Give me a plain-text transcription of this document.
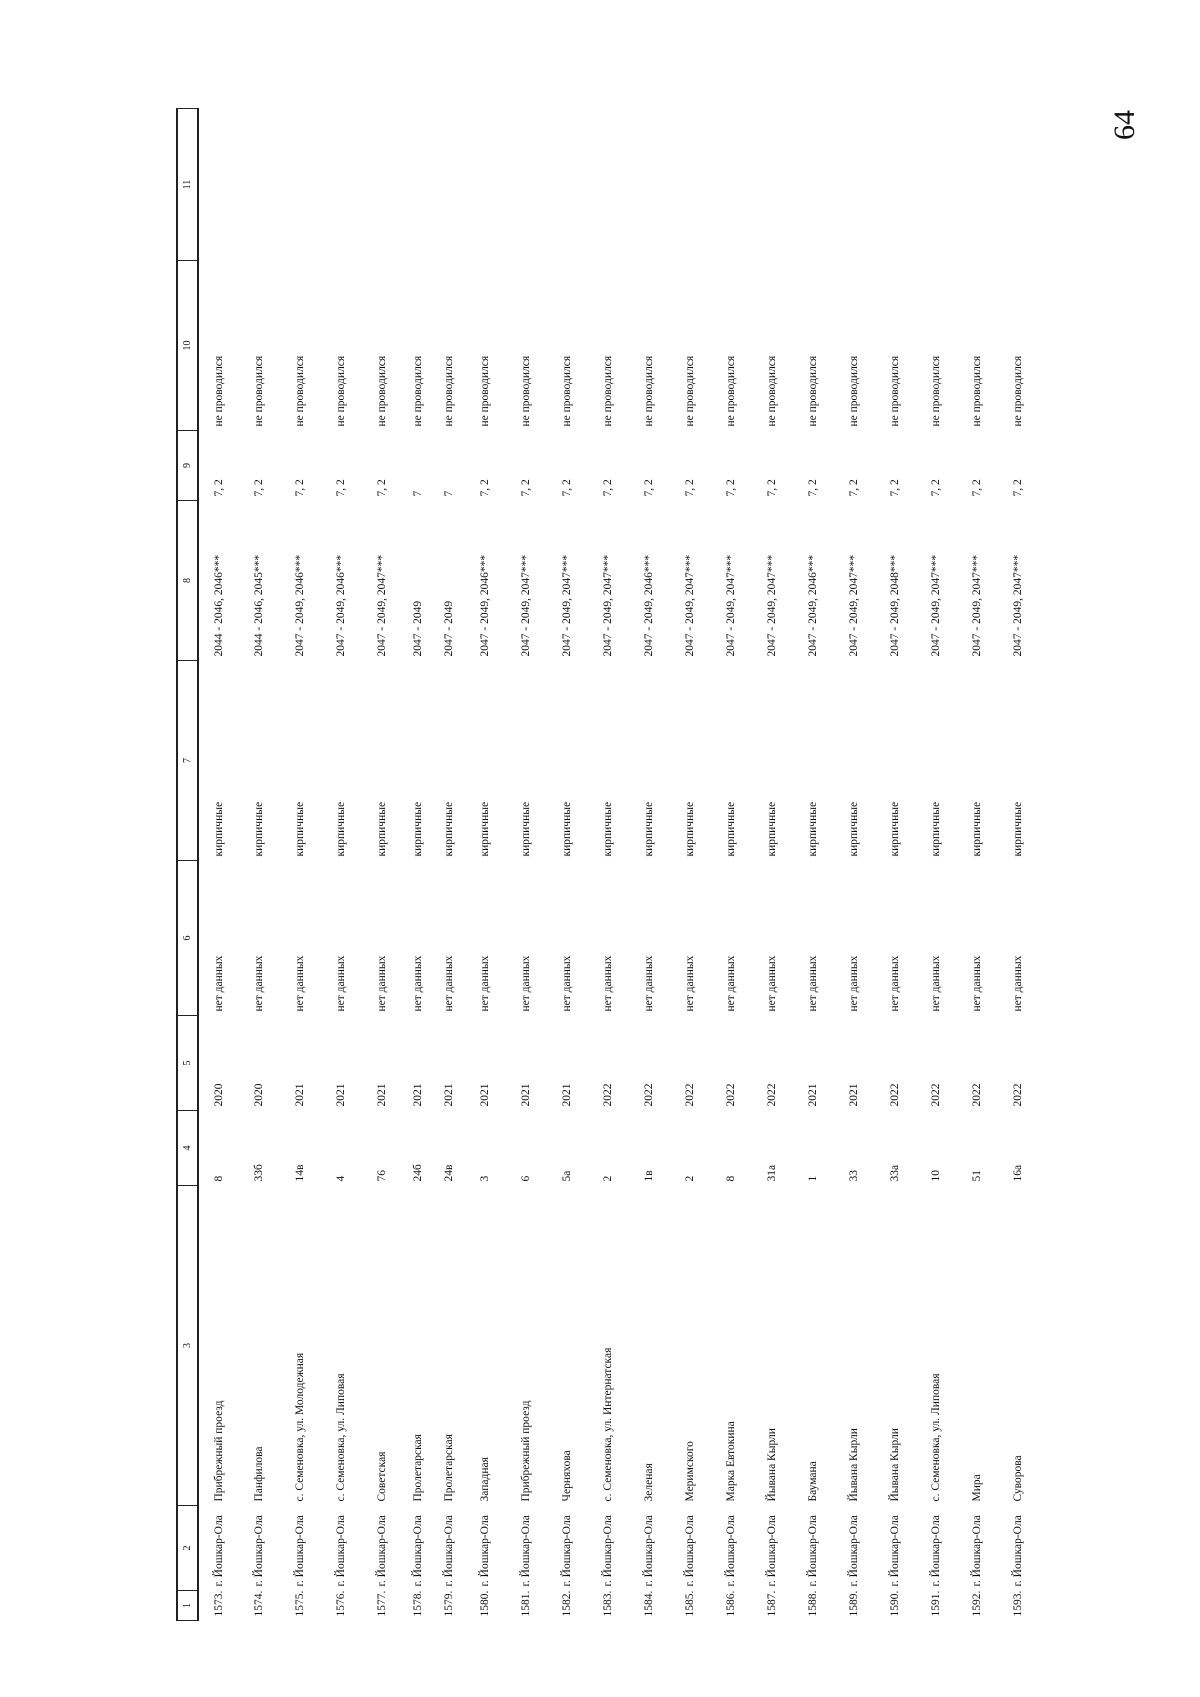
64
1	2	3	4	5	6	7	8	9	10	11
1573.	г. Йошкар-Ола	Прибрежный проезд	8	2020	нет данных	кирпичные	2044 - 2046, 2046***	7, 2	не проводился	
1574.	г. Йошкар-Ола	Панфилова	33б	2020	нет данных	кирпичные	2044 - 2046, 2045***	7, 2	не проводился	
1575.	г. Йошкар-Ола	с. Семеновка, ул. Молодежная	14в	2021	нет данных	кирпичные	2047 - 2049, 2046***	7, 2	не проводился	
1576.	г. Йошкар-Ола	с. Семеновка, ул. Липовая	4	2021	нет данных	кирпичные	2047 - 2049, 2046***	7, 2	не проводился	
1577.	г. Йошкар-Ола	Советская	76	2021	нет данных	кирпичные	2047 - 2049, 2047***	7, 2	не проводился	
1578.	г. Йошкар-Ола	Пролетарская	24б	2021	нет данных	кирпичные	2047 - 2049	7	не проводился	
1579.	г. Йошкар-Ола	Пролетарская	24в	2021	нет данных	кирпичные	2047 - 2049	7	не проводился	
1580.	г. Йошкар-Ола	Западная	3	2021	нет данных	кирпичные	2047 - 2049, 2046***	7, 2	не проводился	
1581.	г. Йошкар-Ола	Прибрежный проезд	6	2021	нет данных	кирпичные	2047 - 2049, 2047***	7, 2	не проводился	
1582.	г. Йошкар-Ола	Черняхова	5а	2021	нет данных	кирпичные	2047 - 2049, 2047***	7, 2	не проводился	
1583.	г. Йошкар-Ола	с. Семеновка, ул. Интернатская	2	2022	нет данных	кирпичные	2047 - 2049, 2047***	7, 2	не проводился	
1584.	г. Йошкар-Ола	Зеленая	1в	2022	нет данных	кирпичные	2047 - 2049, 2046***	7, 2	не проводился	
1585.	г. Йошкар-Ола	Меримского	2	2022	нет данных	кирпичные	2047 - 2049, 2047***	7, 2	не проводился	
1586.	г. Йошкар-Ола	Марка Евтокина	8	2022	нет данных	кирпичные	2047 - 2049, 2047***	7, 2	не проводился	
1587.	г. Йошкар-Ола	Йывана Кырли	31а	2022	нет данных	кирпичные	2047 - 2049, 2047***	7, 2	не проводился	
1588.	г. Йошкар-Ола	Баумана	1	2021	нет данных	кирпичные	2047 - 2049, 2046***	7, 2	не проводился	
1589.	г. Йошкар-Ола	Йывана Кырли	33	2021	нет данных	кирпичные	2047 - 2049, 2047***	7, 2	не проводился	
1590.	г. Йошкар-Ола	Йывана Кырли	33а	2022	нет данных	кирпичные	2047 - 2049, 2048***	7, 2	не проводился	
1591.	г. Йошкар-Ола	с. Семеновка, ул. Липовая	10	2022	нет данных	кирпичные	2047 - 2049, 2047***	7, 2	не проводился	
1592.	г. Йошкар-Ола	Мира	51	2022	нет данных	кирпичные	2047 - 2049, 2047***	7, 2	не проводился	
1593.	г. Йошкар-Ола	Суворова	16а	2022	нет данных	кирпичные	2047 - 2049, 2047***	7, 2	не проводился	
